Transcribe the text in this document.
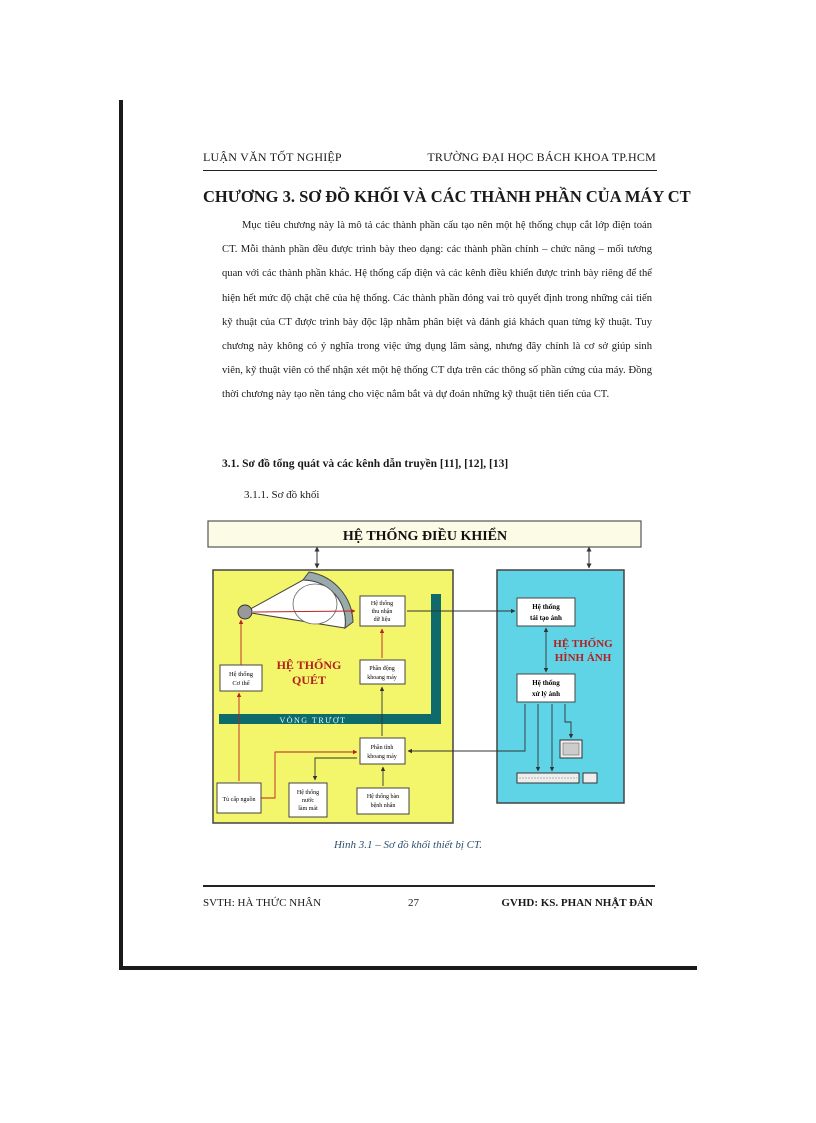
LUẬN VĂN TỐT NGHIỆP	TRƯỜNG ĐẠI HỌC BÁCH KHOA TP.HCM
CHƯƠNG 3. SƠ ĐỒ KHỐI VÀ CÁC THÀNH PHẦN CỦA MÁY CT
Mục tiêu chương này là mô tả các thành phần cấu tạo nên một hệ thống chụp cắt lớp điện toán CT. Mỗi thành phần đều được trình bày theo dạng: các thành phần chính – chức năng – mối tương quan với các thành phần khác. Hệ thống cấp điện và các kênh điều khiển được trình bày riêng để thể hiện hết mức độ chặt chẽ của hệ thống. Các thành phần đóng vai trò quyết định trong những cải tiến kỹ thuật của CT được trình bày độc lập nhằm phân biệt và đánh giá khách quan từng kỹ thuật. Tuy chương này không có ý nghĩa trong việc ứng dụng lâm sàng, nhưng đây chính là cơ sở giúp sinh viên, kỹ thuật viên có thể nhận xét một hệ thống CT dựa trên các thông số phần cứng của máy. Đồng thời chương này tạo nền tảng cho việc nắm bắt và dự đoán những kỹ thuật tiên tiến của CT.
3.1. Sơ đồ tổng quát và các kênh dẫn truyền [11], [12], [13]
3.1.1. Sơ đồ khối
HỆ THỐNG ĐIỀU KHIỂN
HỆ THỐNG
QUÉT
Hệ thống
Cơ thể
Hệ thống
thu nhận
dữ liệu
Phần động
khoang máy
VÒNG TRƯỢT
Phần tĩnh
khoang máy
Tủ cấp nguồn
Hệ thống
nước
làm mát
Hệ thống bàn
bệnh nhân
Hệ thống
tái tạo ảnh
HỆ THỐNG
HÌNH ẢNH
Hệ thống
xử lý ảnh
Hình 3.1 – Sơ đồ khối thiết bị CT.
SVTH: HÀ THỨC NHÂN	27	GVHD: KS. PHAN NHẬT ĐÁN
